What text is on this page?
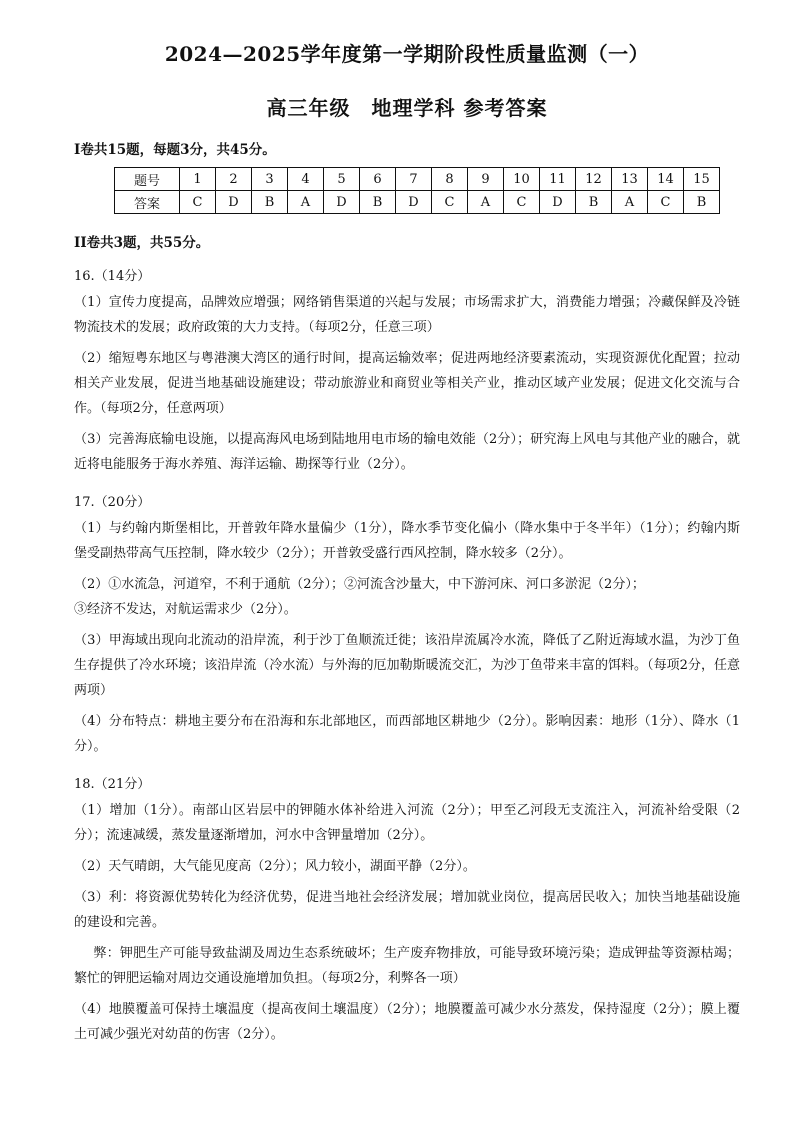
2024—2025学年度第一学期阶段性质量监测（一）
高三年级　地理学科 参考答案

I卷共15题，每题3分，共45分。

题号	1	2	3	4	5	6	7	8	9	10	11	12	13	14	15
答案	C	D	B	A	D	B	D	C	A	C	D	B	A	C	B

II卷共3题，共55分。

16.（14分）

（1）宣传力度提高，品牌效应增强；网络销售渠道的兴起与发展；市场需求扩大，消费能力增强；冷藏保鲜及冷链物流技术的发展；政府政策的大力支持。（每项2分，任意三项）

（2）缩短粤东地区与粤港澳大湾区的通行时间，提高运输效率；促进两地经济要素流动，实现资源优化配置；拉动相关产业发展，促进当地基础设施建设；带动旅游业和商贸业等相关产业，推动区域产业发展；促进文化交流与合作。（每项2分，任意两项）

（3）完善海底输电设施，以提高海风电场到陆地用电市场的输电效能（2分）；研究海上风电与其他产业的融合，就近将电能服务于海水养殖、海洋运输、勘探等行业（2分）。

17.（20分）

（1）与约翰内斯堡相比，开普敦年降水量偏少（1分），降水季节变化偏小（降水集中于冬半年）（1分）；约翰内斯堡受副热带高气压控制，降水较少（2分）；开普敦受盛行西风控制，降水较多（2分）。

（2）①水流急，河道窄，不利于通航（2分）；②河流含沙量大，中下游河床、河口多淤泥（2分）；
③经济不发达，对航运需求少（2分）。

（3）甲海域出现向北流动的沿岸流，利于沙丁鱼顺流迁徙；该沿岸流属冷水流，降低了乙附近海域水温，为沙丁鱼生存提供了冷水环境；该沿岸流（冷水流）与外海的厄加勒斯暖流交汇，为沙丁鱼带来丰富的饵料。（每项2分，任意两项）

（4）分布特点：耕地主要分布在沿海和东北部地区，而西部地区耕地少（2分）。影响因素：地形（1分）、降水（1分）。

18.（21分）

（1）增加（1分）。南部山区岩层中的钾随水体补给进入河流（2分）；甲至乙河段无支流注入，河流补给受限（2分）；流速减缓，蒸发量逐渐增加，河水中含钾量增加（2分）。

（2）天气晴朗，大气能见度高（2分）；风力较小，湖面平静（2分）。

（3）利：将资源优势转化为经济优势，促进当地社会经济发展；增加就业岗位，提高居民收入；加快当地基础设施的建设和完善。

弊：钾肥生产可能导致盐湖及周边生态系统破坏；生产废弃物排放，可能导致环境污染；造成钾盐等资源枯竭；繁忙的钾肥运输对周边交通设施增加负担。（每项2分，利弊各一项）

（4）地膜覆盖可保持土壤温度（提高夜间土壤温度）（2分）；地膜覆盖可减少水分蒸发，保持湿度（2分）；膜上覆土可减少强光对幼苗的伤害（2分）。
